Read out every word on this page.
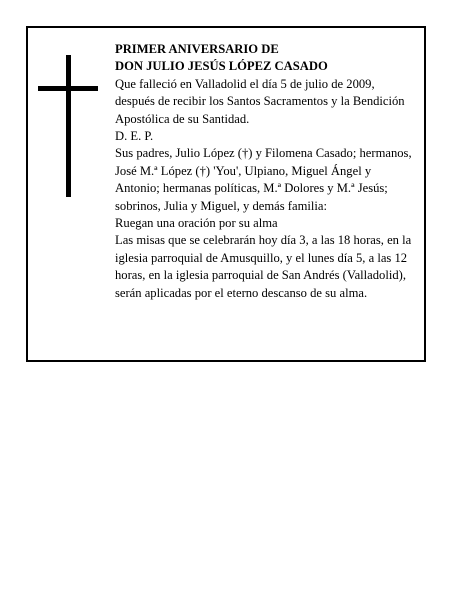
PRIMER ANIVERSARIO DE
DON JULIO JESÚS LÓPEZ CASADO

Que falleció en Valladolid el día 5 de julio de 2009, después de recibir los Santos Sacramentos y la Bendición Apostólica de su Santidad.

D. E. P.

Sus padres, Julio López (†) y Filomena Casado; hermanos, José M.ª López (†) 'You', Ulpiano, Miguel Ángel y Antonio; hermanas políticas, M.ª Dolores y M.ª Jesús; sobrinos, Julia y Miguel, y demás familia:

Ruegan una oración por su alma

Las misas que se celebrarán hoy día 3, a las 18 horas, en la iglesia parroquial de Amusquillo, y el lunes día 5, a las 12 horas, en la iglesia parroquial de San Andrés (Valladolid), serán aplicadas por el eterno descanso de su alma.
